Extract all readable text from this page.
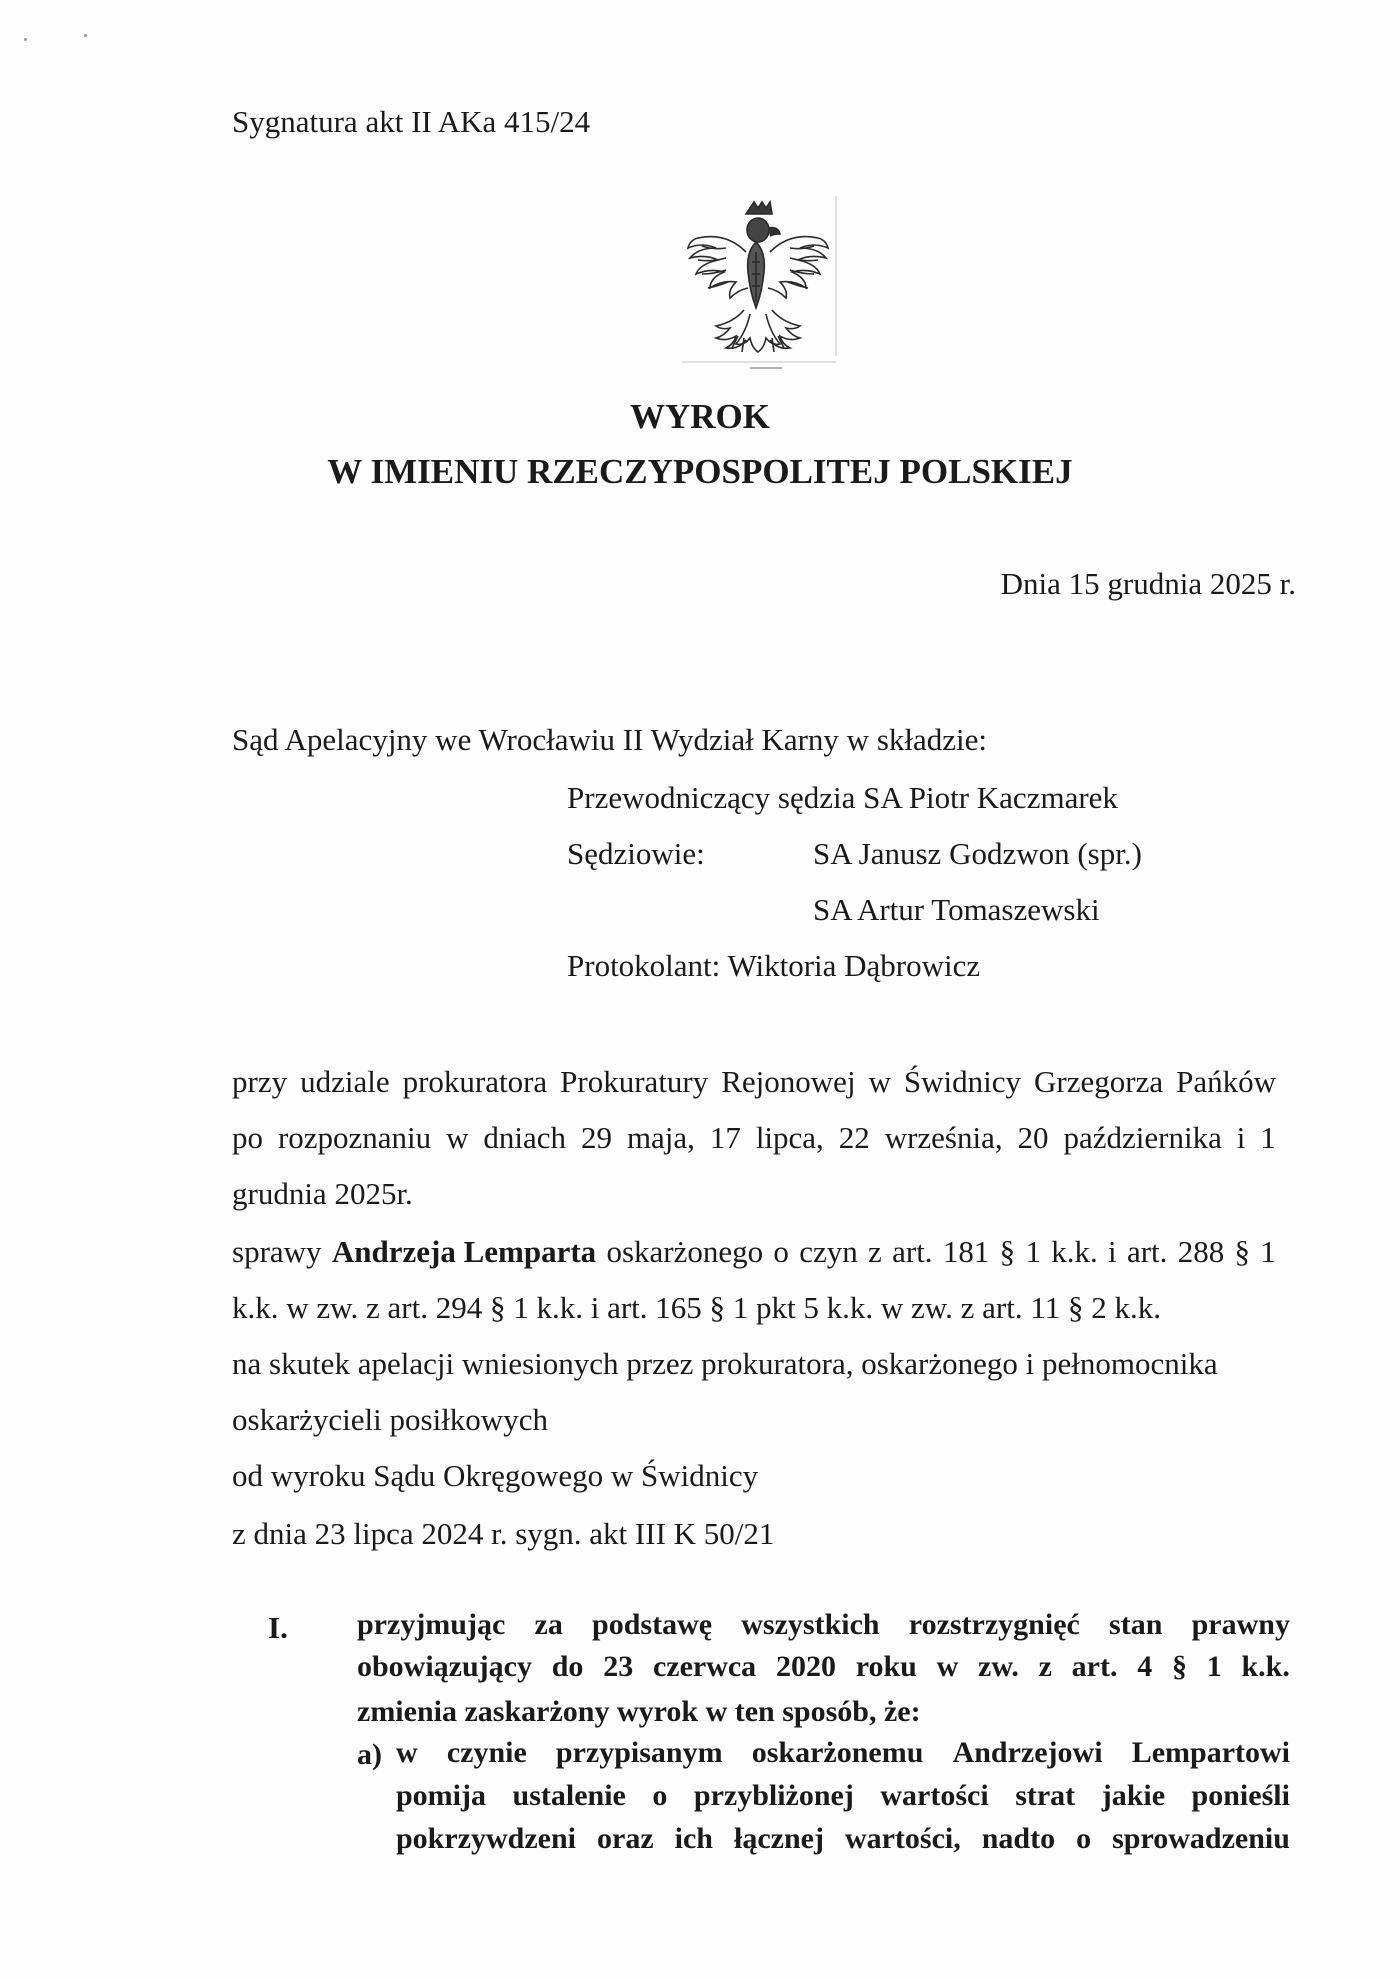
Sygnatura akt II AKa 415/24
WYROK
W IMIENIU RZECZYPOSPOLITEJ POLSKIEJ
Dnia 15 grudnia 2025 r.
Sąd Apelacyjny we Wrocławiu II Wydział Karny w składzie:
Przewodniczący sędzia SA Piotr Kaczmarek
Sędziowie:	SA Janusz Godzwon (spr.)
SA Artur Tomaszewski
Protokolant: Wiktoria Dąbrowicz
przy udziale prokuratora Prokuratury Rejonowej w Świdnicy Grzegorza Pańków
po rozpoznaniu w dniach 29 maja, 17 lipca, 22 września, 20 października i 1
grudnia 2025r.
sprawy Andrzeja Lemparta oskarżonego o czyn z art. 181 § 1 k.k. i art. 288 § 1
k.k. w zw. z art. 294 § 1 k.k. i art. 165 § 1 pkt 5 k.k. w zw. z art. 11 § 2 k.k.
na skutek apelacji wniesionych przez prokuratora, oskarżonego i pełnomocnika
oskarżycieli posiłkowych
od wyroku Sądu Okręgowego w Świdnicy
z dnia 23 lipca 2024 r. sygn. akt III K 50/21
I. przyjmując za podstawę wszystkich rozstrzygnięć stan prawny
obowiązujący do 23 czerwca 2020 roku w zw. z art. 4 § 1 k.k.
zmienia zaskarżony wyrok w ten sposób, że:
a) w czynie przypisanym oskarżonemu Andrzejowi Lempartowi
pomija ustalenie o przybliżonej wartości strat jakie ponieśli
pokrzywdzeni oraz ich łącznej wartości, nadto o sprowadzeniu
